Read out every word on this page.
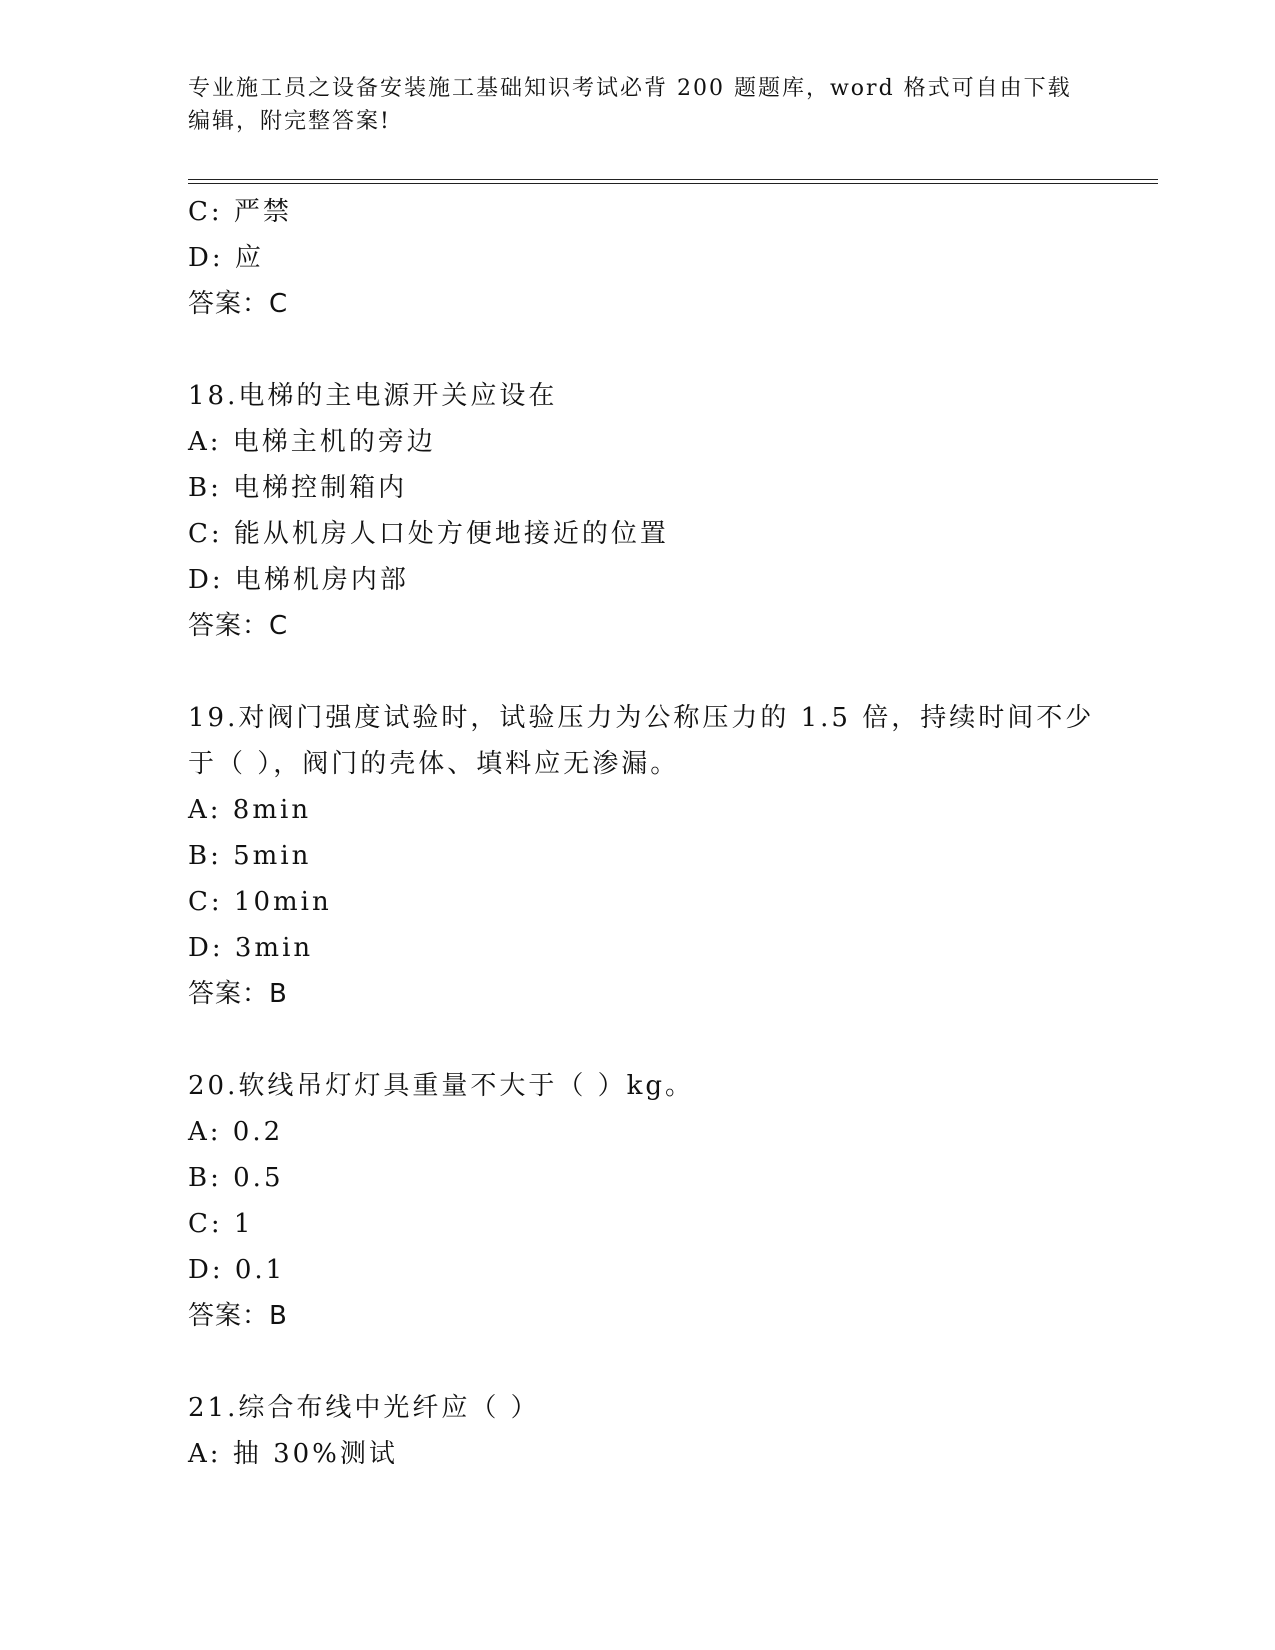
专业施工员之设备安装施工基础知识考试必背 200 题题库，word 格式可自由下载
编辑，附完整答案!
C: 严禁
D: 应
答案：C
18.电梯的主电源开关应设在
A: 电梯主机的旁边
B: 电梯控制箱内
C: 能从机房人口处方便地接近的位置
D: 电梯机房内部
答案：C
19.对阀门强度试验时，试验压力为公称压力的 1.5 倍，持续时间不少
于（ ），阀门的壳体、填料应无渗漏。
A: 8min
B: 5min
C: 10min
D: 3min
答案：B
20.软线吊灯灯具重量不大于（ ）kg。
A: 0.2
B: 0.5
C: 1
D: 0.1
答案：B
21.综合布线中光纤应（ ）
A: 抽 30%测试
